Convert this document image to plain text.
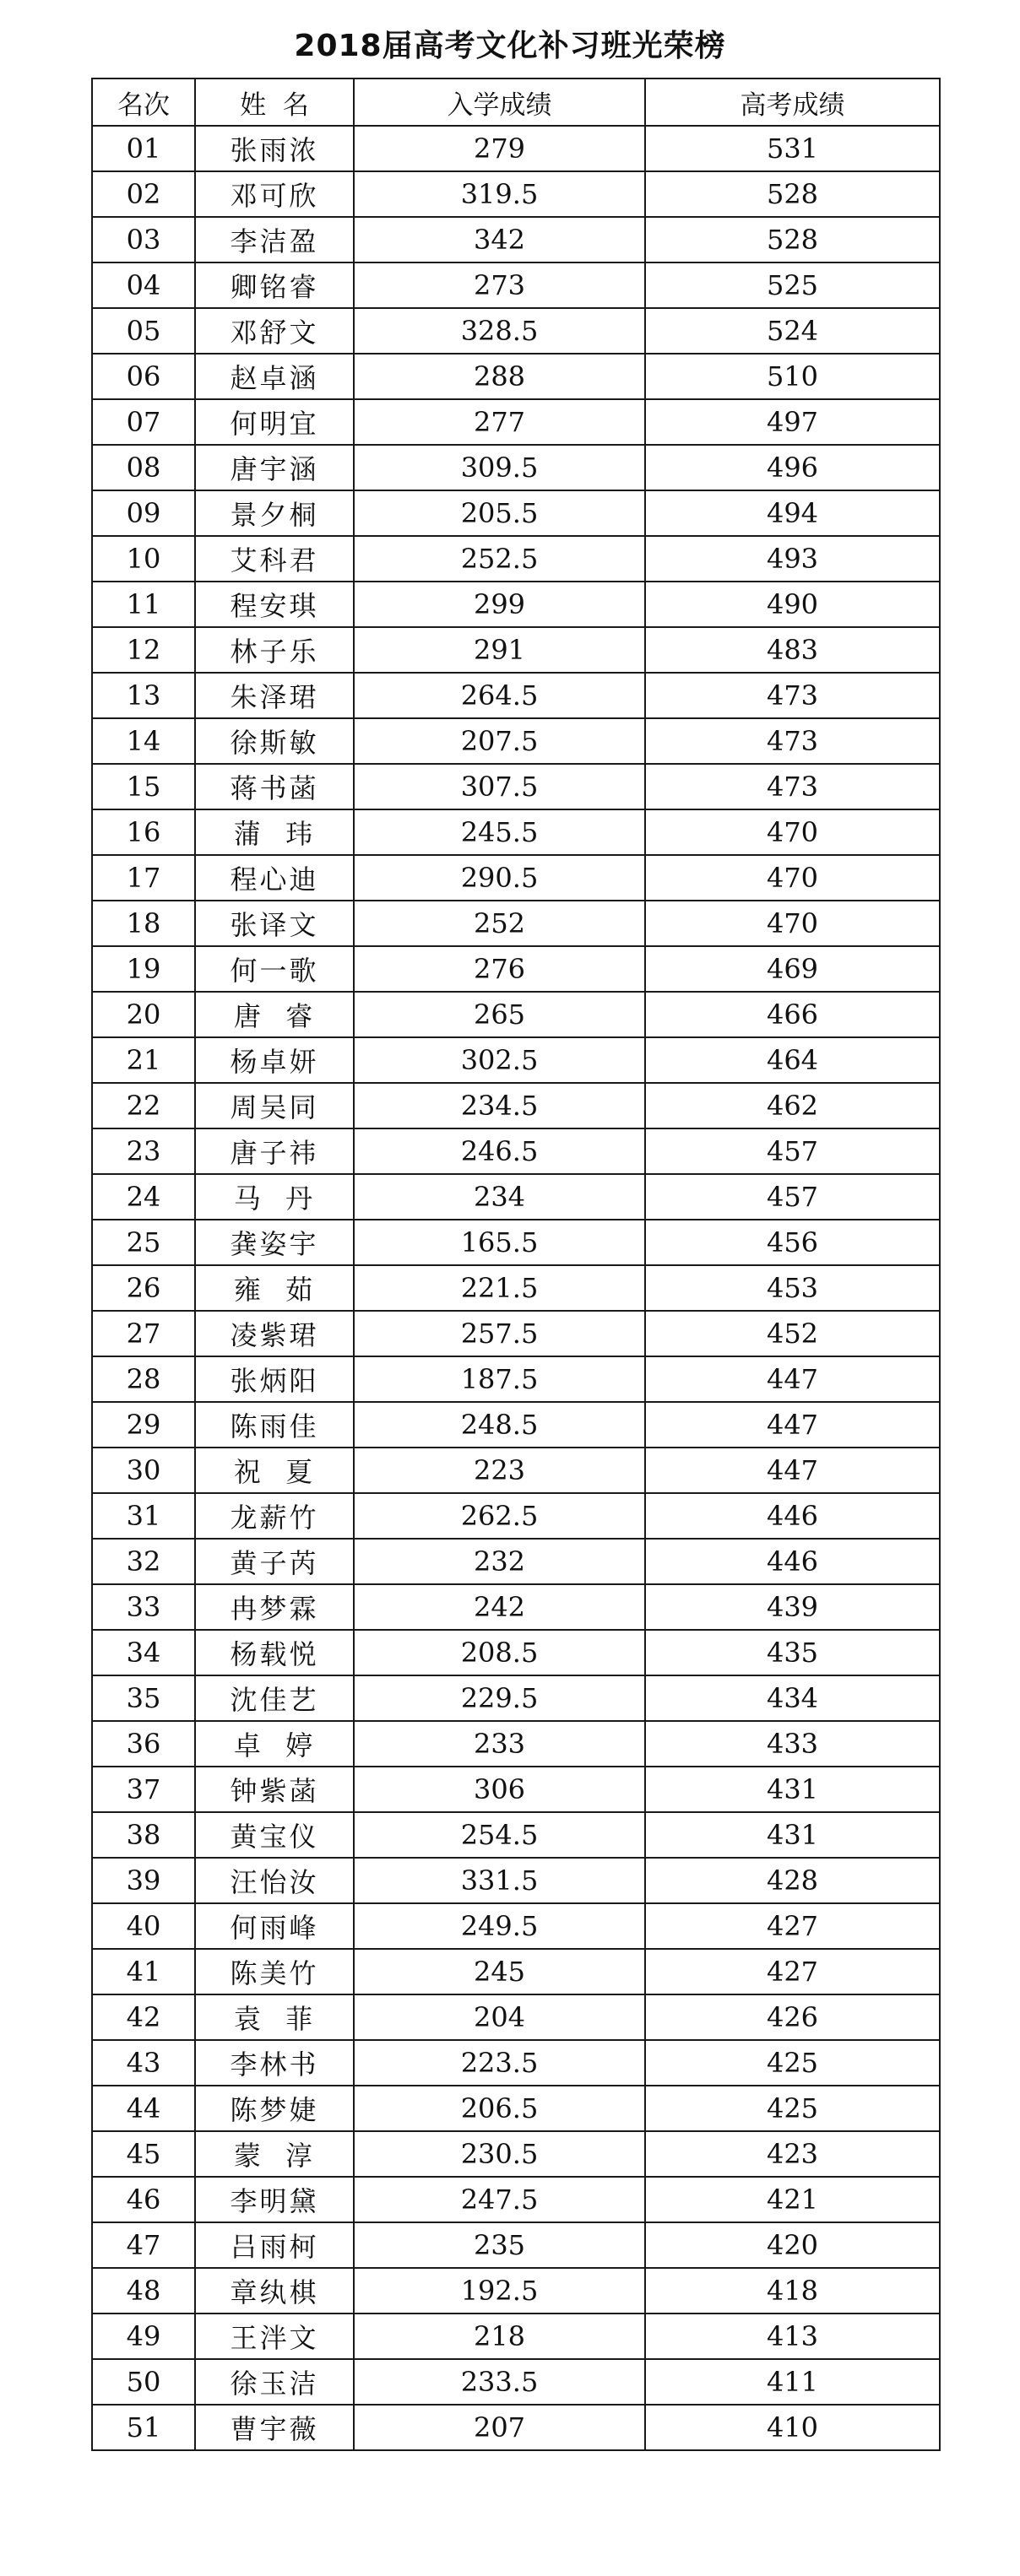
2018届高考文化补习班光荣榜
名次	姓  名	入学成绩	高考成绩
01	张雨浓	279	531
02	邓可欣	319.5	528
03	李洁盈	342	528
04	卿铭睿	273	525
05	邓舒文	328.5	524
06	赵卓涵	288	510
07	何明宜	277	497
08	唐宇涵	309.5	496
09	景夕桐	205.5	494
10	艾科君	252.5	493
11	程安琪	299	490
12	林子乐	291	483
13	朱泽珺	264.5	473
14	徐斯敏	207.5	473
15	蒋书菡	307.5	473
16	蒲  玮	245.5	470
17	程心迪	290.5	470
18	张译文	252	470
19	何一歌	276	469
20	唐  睿	265	466
21	杨卓妍	302.5	464
22	周吴同	234.5	462
23	唐子祎	246.5	457
24	马  丹	234	457
25	龚姿宇	165.5	456
26	雍  茹	221.5	453
27	凌紫珺	257.5	452
28	张炳阳	187.5	447
29	陈雨佳	248.5	447
30	祝  夏	223	447
31	龙薪竹	262.5	446
32	黄子芮	232	446
33	冉梦霖	242	439
34	杨载悦	208.5	435
35	沈佳艺	229.5	434
36	卓  婷	233	433
37	钟紫菡	306	431
38	黄宝仪	254.5	431
39	汪怡汝	331.5	428
40	何雨峰	249.5	427
41	陈美竹	245	427
42	袁  菲	204	426
43	李林书	223.5	425
44	陈梦婕	206.5	425
45	蒙  淳	230.5	423
46	李明黛	247.5	421
47	吕雨柯	235	420
48	章纨棋	192.5	418
49	王泮文	218	413
50	徐玉洁	233.5	411
51	曹宇薇	207	410
